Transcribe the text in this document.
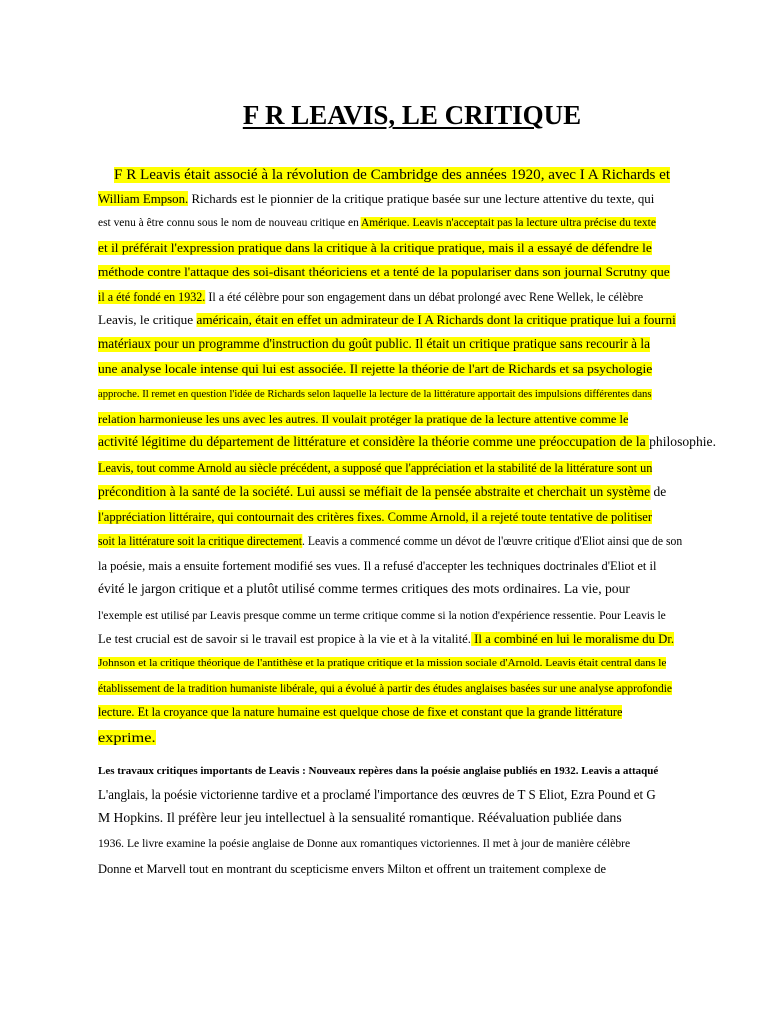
F R LEAVIS, LE CRITIQUE
F R Leavis était associé à la révolution de Cambridge des années 1920, avec I A Richards et
William Empson. Richards est le pionnier de la critique pratique basée sur une lecture attentive du texte, qui
est venu à être connu sous le nom de nouveau critique en Amérique. Leavis n'acceptait pas la lecture ultra précise du texte
et il préférait l'expression pratique dans la critique à la critique pratique, mais il a essayé de défendre le
méthode contre l'attaque des soi-disant théoriciens et a tenté de la populariser dans son journal Scrutny que
il a été fondé en 1932. Il a été célèbre pour son engagement dans un débat prolongé avec Rene Wellek, le célèbre
Leavis, le critique américain, était en effet un admirateur de I A Richards dont la critique pratique lui a fourni
matériaux pour un programme d'instruction du goût public. Il était un critique pratique sans recourir à la
une analyse locale intense qui lui est associée. Il rejette la théorie de l'art de Richards et sa psychologie
approche. Il remet en question l'idée de Richards selon laquelle la lecture de la littérature apportait des impulsions différentes dans
relation harmonieuse les uns avec les autres. Il voulait protéger la pratique de la lecture attentive comme le
activité légitime du département de littérature et considère la théorie comme une préoccupation de la philosophie.
Leavis, tout comme Arnold au siècle précédent, a supposé que l'appréciation et la stabilité de la littérature sont un
précondition à la santé de la société. Lui aussi se méfiait de la pensée abstraite et cherchait un système de
l'appréciation littéraire, qui contournait des critères fixes. Comme Arnold, il a rejeté toute tentative de politiser
soit la littérature soit la critique directement. Leavis a commencé comme un dévot de l'œuvre critique d'Eliot ainsi que de son
la poésie, mais a ensuite fortement modifié ses vues. Il a refusé d'accepter les techniques doctrinales d'Eliot et il
évité le jargon critique et a plutôt utilisé comme termes critiques des mots ordinaires. La vie, pour
l'exemple est utilisé par Leavis presque comme un terme critique comme si la notion d'expérience ressentie. Pour Leavis le
Le test crucial est de savoir si le travail est propice à la vie et à la vitalité. Il a combiné en lui le moralisme du Dr.
Johnson et la critique théorique de l'antithèse et la pratique critique et la mission sociale d'Arnold. Leavis était central dans le
établissement de la tradition humaniste libérale, qui a évolué à partir des études anglaises basées sur une analyse approfondie
lecture. Et la croyance que la nature humaine est quelque chose de fixe et constant que la grande littérature
exprime.
Les travaux critiques importants de Leavis : Nouveaux repères dans la poésie anglaise publiés en 1932. Leavis a attaqué
L'anglais, la poésie victorienne tardive et a proclamé l'importance des œuvres de T S Eliot, Ezra Pound et G
M Hopkins. Il préfère leur jeu intellectuel à la sensualité romantique. Réévaluation publiée dans
1936. Le livre examine la poésie anglaise de Donne aux romantiques victoriennes. Il met à jour de manière célèbre
Donne et Marvell tout en montrant du scepticisme envers Milton et offrent un traitement complexe de
